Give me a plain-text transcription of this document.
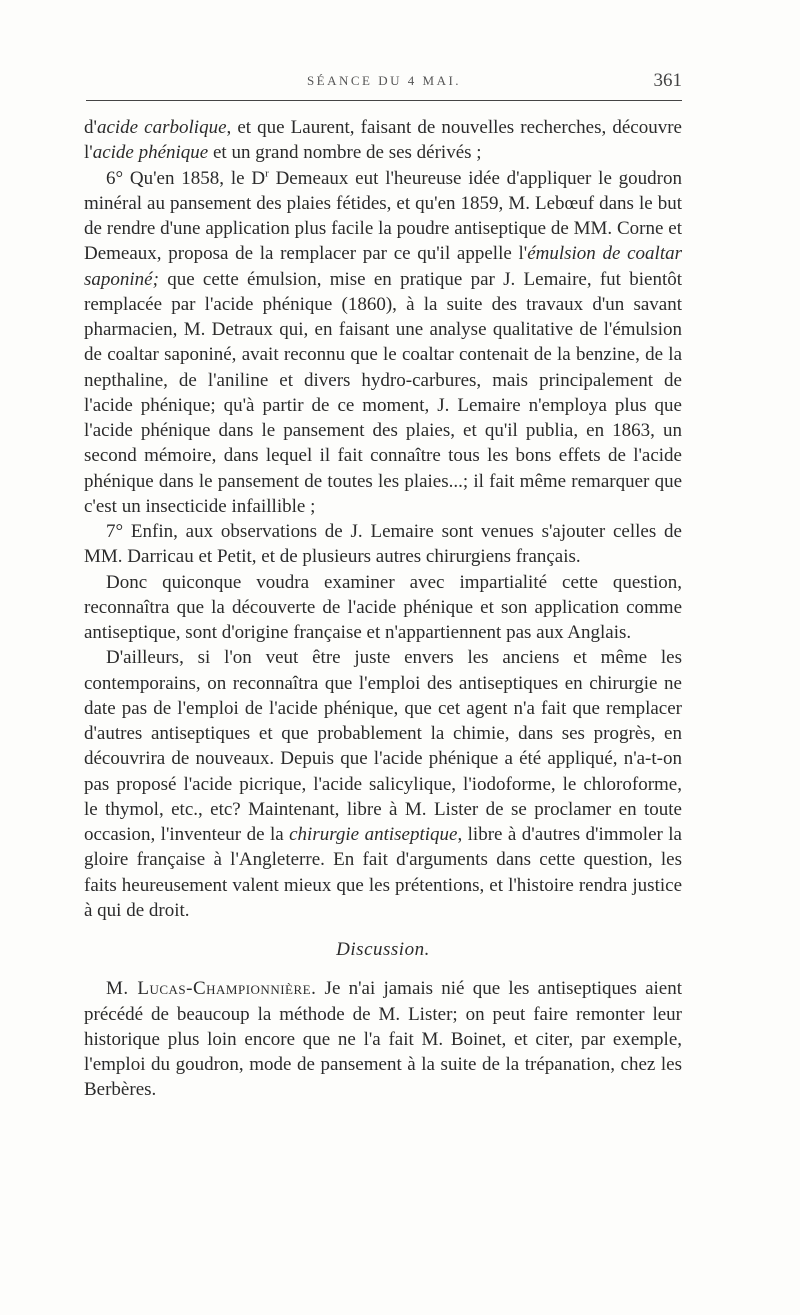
SÉANCE DU 4 MAI.	361

d'acide carbolique, et que Laurent, faisant de nouvelles recherches, découvre l'acide phénique et un grand nombre de ses dérivés ;

6° Qu'en 1858, le $D^r$ Demeaux eut l'heureuse idée d'appliquer le goudron minéral au pansement des plaies fétides, et qu'en 1859, M. Lebœuf dans le but de rendre d'une application plus facile la poudre antiseptique de MM. Corne et Demeaux, proposa de la remplacer par ce qu'il appelle l'émulsion de coaltar saponiné; que cette émulsion, mise en pratique par J. Lemaire, fut bientôt remplacée par l'acide phénique (1860), à la suite des travaux d'un savant pharmacien, M. Detraux qui, en faisant une analyse qualitative de l'émulsion de coaltar saponiné, avait reconnu que le coaltar contenait de la benzine, de la nepthaline, de l'aniline et divers hydro-carbures, mais principalement de l'acide phénique; qu'à partir de ce moment, J. Lemaire n'employa plus que l'acide phénique dans le pansement des plaies, et qu'il publia, en 1863, un second mémoire, dans lequel il fait connaître tous les bons effets de l'acide phénique dans le pansement de toutes les plaies...; il fait même remarquer que c'est un insecticide infaillible ;

7° Enfin, aux observations de J. Lemaire sont venues s'ajouter celles de MM. Darricau et Petit, et de plusieurs autres chirurgiens français.

Donc quiconque voudra examiner avec impartialité cette question, reconnaîtra que la découverte de l'acide phénique et son application comme antiseptique, sont d'origine française et n'appartiennent pas aux Anglais.

D'ailleurs, si l'on veut être juste envers les anciens et même les contemporains, on reconnaîtra que l'emploi des antiseptiques en chirurgie ne date pas de l'emploi de l'acide phénique, que cet agent n'a fait que remplacer d'autres antiseptiques et que probablement la chimie, dans ses progrès, en découvrira de nouveaux. Depuis que l'acide phénique a été appliqué, n'a-t-on pas proposé l'acide picrique, l'acide salicylique, l'iodoforme, le chloroforme, le thymol, etc., etc? Maintenant, libre à M. Lister de se proclamer en toute occasion, l'inventeur de la chirurgie antiseptique, libre à d'autres d'immoler la gloire française à l'Angleterre. En fait d'arguments dans cette question, les faits heureusement valent mieux que les prétentions, et l'histoire rendra justice à qui de droit.

Discussion.

M. Lucas-Championnière. Je n'ai jamais nié que les antiseptiques aient précédé de beaucoup la méthode de M. Lister; on peut faire remonter leur historique plus loin encore que ne l'a fait M. Boinet, et citer, par exemple, l'emploi du goudron, mode de pansement à la suite de la trépanation, chez les Berbères.
